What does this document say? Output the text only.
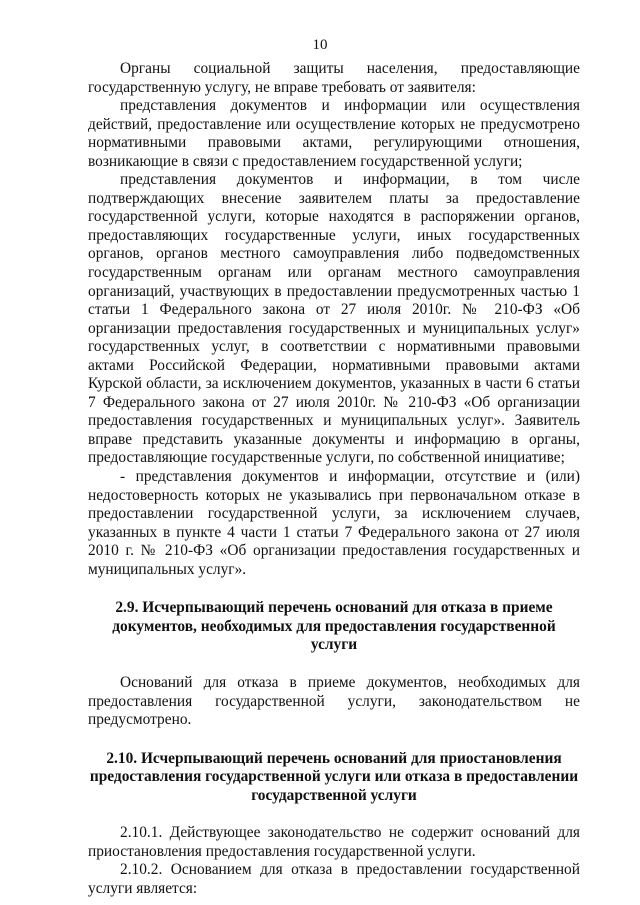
10

Органы социальной защиты населения, предоставляющие государственную услугу, не вправе требовать от заявителя:

представления документов и информации или осуществления действий, предоставление или осуществление которых не предусмотрено нормативными правовыми актами, регулирующими отношения, возникающие в связи с предоставлением государственной услуги;

представления документов и информации, в том числе подтверждающих внесение заявителем платы за предоставление государственной услуги, которые находятся в распоряжении органов, предоставляющих государственные услуги, иных государственных органов, органов местного самоуправления либо подведомственных государственным органам или органам местного самоуправления организаций, участвующих в предоставлении предусмотренных частью 1 статьи 1 Федерального закона от 27 июля 2010г. № 210-ФЗ «Об организации предоставления государственных и муниципальных услуг» государственных услуг, в соответствии с нормативными правовыми актами Российской Федерации, нормативными правовыми актами Курской области, за исключением документов, указанных в части 6 статьи 7 Федерального закона от 27 июля 2010г. № 210-ФЗ «Об организации предоставления государственных и муниципальных услуг». Заявитель вправе представить указанные документы и информацию в органы, предоставляющие государственные услуги, по собственной инициативе;

- представления документов и информации, отсутствие и (или) недостоверность которых не указывались при первоначальном отказе в предоставлении государственной услуги, за исключением случаев, указанных в пункте 4 части 1 статьи 7 Федерального закона от 27 июля 2010 г. № 210-ФЗ «Об организации предоставления государственных и муниципальных услуг».

2.9. Исчерпывающий перечень оснований для отказа в приеме документов, необходимых для предоставления государственной услуги

Оснований для отказа в приеме документов, необходимых для предоставления государственной услуги, законодательством не предусмотрено.

2.10. Исчерпывающий перечень оснований для приостановления предоставления государственной услуги или отказа в предоставлении государственной услуги

2.10.1. Действующее законодательство не содержит оснований для приостановления предоставления государственной услуги.

2.10.2. Основанием для отказа в предоставлении государственной услуги является:
